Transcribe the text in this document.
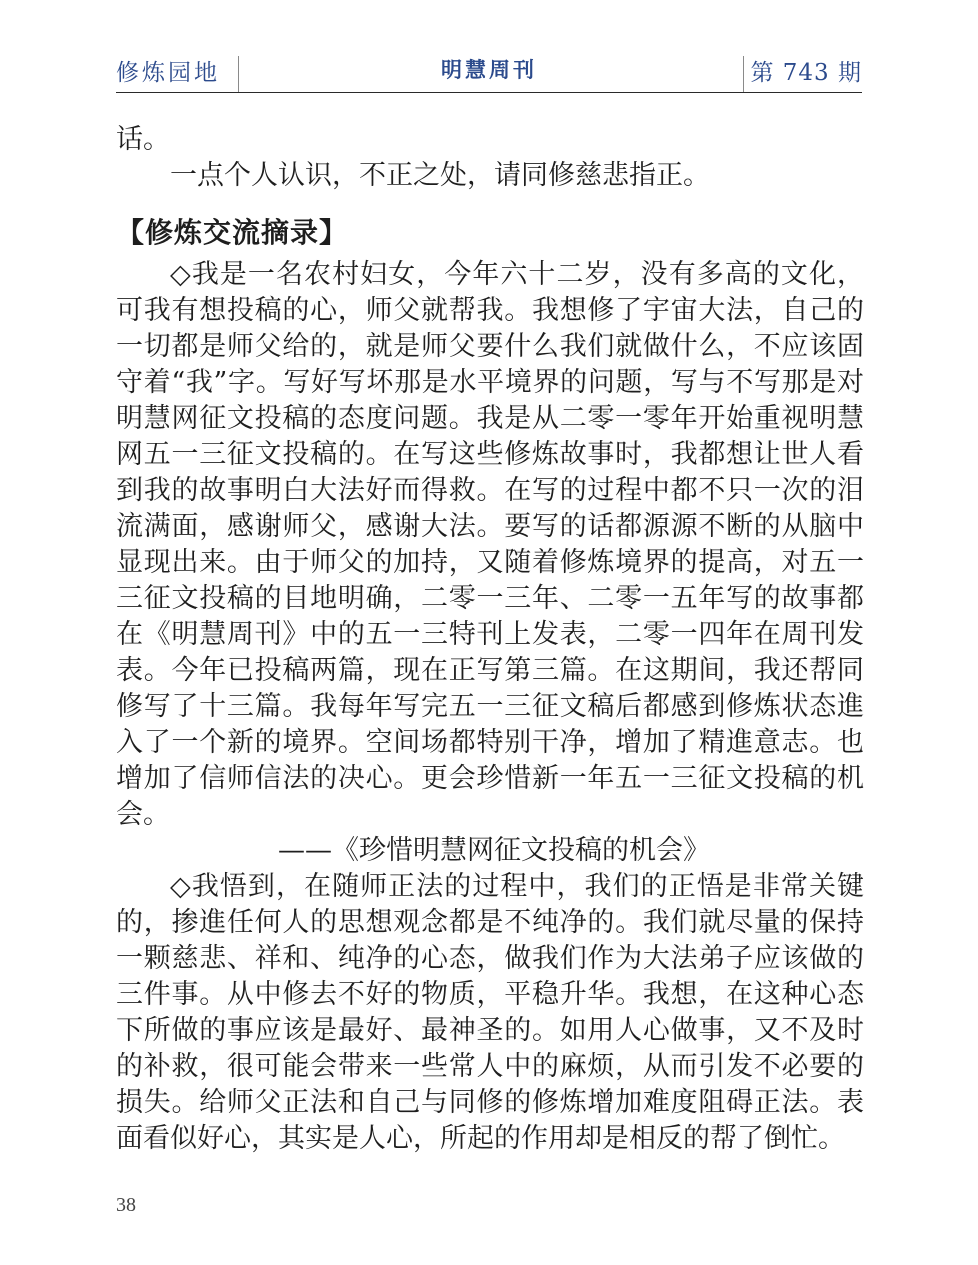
修炼园地	明慧周刊	第 743 期

话。

一点个人认识，不正之处，请同修慈悲指正。

【修炼交流摘录】

◇我是一名农村妇女，今年六十二岁，没有多高的文化，可我有想投稿的心，师父就帮我。我想修了宇宙大法，自己的一切都是师父给的，就是师父要什么我们就做什么，不应该固守着“我”字。写好写坏那是水平境界的问题，写与不写那是对明慧网征文投稿的态度问题。我是从二零一零年开始重视明慧网五一三征文投稿的。在写这些修炼故事时，我都想让世人看到我的故事明白大法好而得救。在写的过程中都不只一次的泪流满面，感谢师父，感谢大法。要写的话都源源不断的从脑中显现出来。由于师父的加持，又随着修炼境界的提高，对五一三征文投稿的目地明确，二零一三年、二零一五年写的故事都在《明慧周刊》中的五一三特刊上发表，二零一四年在周刊发表。今年已投稿两篇，现在正写第三篇。在这期间，我还帮同修写了十三篇。我每年写完五一三征文稿后都感到修炼状态進入了一个新的境界。空间场都特别干净，增加了精進意志。也增加了信师信法的决心。更会珍惜新一年五一三征文投稿的机会。

——《珍惜明慧网征文投稿的机会》

◇我悟到，在随师正法的过程中，我们的正悟是非常关键的，掺進任何人的思想观念都是不纯净的。我们就尽量的保持一颗慈悲、祥和、纯净的心态，做我们作为大法弟子应该做的三件事。从中修去不好的物质，平稳升华。我想，在这种心态下所做的事应该是最好、最神圣的。如用人心做事，又不及时的补救，很可能会带来一些常人中的麻烦，从而引发不必要的损失。给师父正法和自己与同修的修炼增加难度阻碍正法。表面看似好心，其实是人心，所起的作用却是相反的帮了倒忙。

38
